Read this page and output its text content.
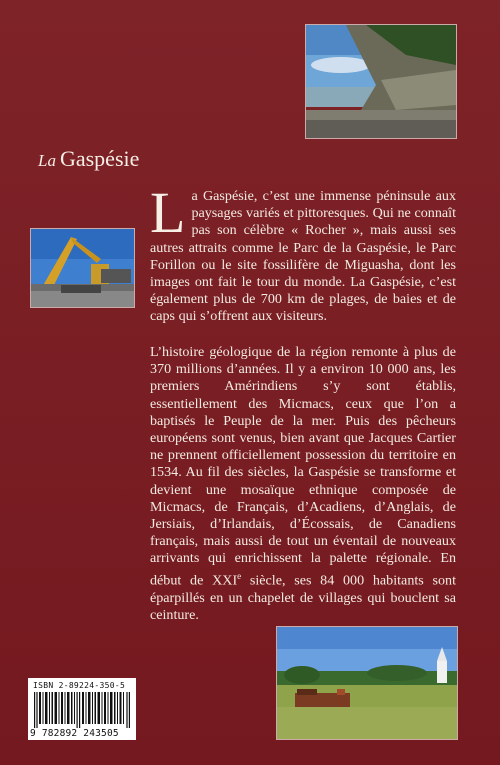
La Gaspésie
La Gaspésie, c’est une immense péninsule aux paysages variés et pittoresques. Qui ne connaît pas son célèbre « Rocher », mais aussi ses autres attraits comme le Parc de la Gaspésie, le Parc Forillon ou le site fossilifère de Miguasha, dont les images ont fait le tour du monde. La Gaspésie, c’est également plus de 700 km de plages, de baies et de caps qui s’offrent aux visiteurs.
L’histoire géologique de la région remonte à plus de 370 millions d’années. Il y a environ 10 000 ans, les premiers Amérindiens s’y sont établis, essentiellement des Micmacs, ceux que l’on a baptisés le Peuple de la mer. Puis des pêcheurs européens sont venus, bien avant que Jacques Cartier ne prennent officiellement possession du territoire en 1534. Au fil des siècles, la Gaspésie se transforme et devient une mosaïque ethnique composée de Micmacs, de Français, d’Acadiens, d’Anglais, de Jersiais, d’Irlandais, d’Écossais, de Canadiens français, mais aussi de tout un éventail de nouveaux arrivants qui enrichissent la palette régionale. En début de XXIe siècle, ses 84 000 habitants sont éparpillés en un chapelet de villages qui bouclent sa ceinture.
ISBN 2-89224-350-5
9 782892 243505
